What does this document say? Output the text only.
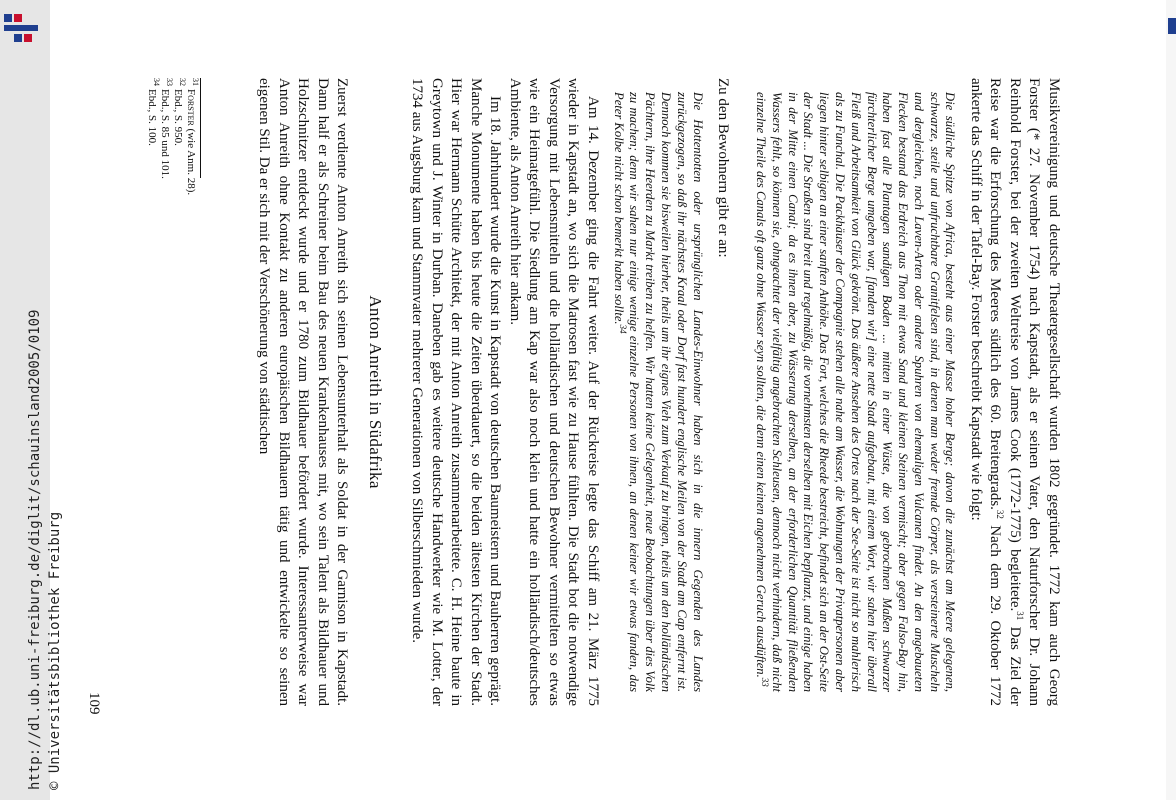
http://dl.ub.uni-freiburg.de/diglit/schauinsland2005/0109 © Universitätsbibliothek Freiburg	Musikvereinigung und deutsche Theatergesellschaft wurden 1802 gegründet. 1772 kam auch Georg Forster (* 27. November 1754) nach Kapstadt, als er seinen Vater, den Naturforscher Dr. Johann Reinhold Forster, bei der zweiten Weltreise von James Cook (1772-1775) begleitete.$^{31}$ Das Ziel der Reise war die Erforschung des Meeres südlich des 60. Breitengrads.$^{32}$ Nach dem 29. Oktober 1772 ankerte das Schiff in der Tafel-Bay. Forster beschreibt Kapstadt wie folgt:

Die südliche Spitze von Africa, besteht aus einer Masse hoher Berge; davon die zunächst am Meere gelegenen, schwarze, steile und unfruchtbare Granitfelsen sind, in denen man weder fremde Cörper, als versteinerte Muscheln und dergleichen, noch Laven-Arten oder andere Spuhren von ehemaligen Vulcanen findet. An den angebaueten Flecken bestand das Erdreich aus Thon mit etwas Sand und kleinen Steinen vermischt; aber gegen Falso-Bay hin, haben fast alle Plantagen sandigen Boden ... mitten in einer Wüste, die von gebrochnen Maßen schwarzer fürchterlicher Berge umgeben war, [fanden wir] eine nette Stadt aufgebaut, mit einem Wort, wir sahen hier überall Fleiß und Arbeitsamkeit von Glück gekrönt. Das äußere Ansehen des Ortes nach der See-Seite ist nicht so mahlerisch als zu Funchal. Die Packhäuser der Compagnie stehen alle nahe am Wasser, die Wohnungen der Privatpersonen aber liegen hinter selbigen an einer sanften Anhöhe. Das Fort, welches die Rheede bestreicht, befindet sich an der Ost-Seite der Stadt ... Die Straßen sind breit und regelmäßig, die vornehmsten derselben mit Eichen bepflanzt, und einige haben in der Mitte einen Canal; da es ihnen aber, zu Wässerung derselben, an der erforderlichen Quantität fließenden Wassers fehlt, so können sie, ohngeachtet der vielfältig angebrachten Schleusen, dennoch nicht verhindern, daß nicht einzelne Theile des Canals oft ganz ohne Wasser seyn sollten, die denn einen keinen angenehmen Geruch ausdüften.$^{33}$

Zu den Bewohnern gibt er an:

Die Hottentotten oder ursprünglichen Landes-Einwohner haben sich in die innern Gegenden des Landes zurückgezogen, so daß ihr nächstes Kraal oder Dorf fast hundert englische Meilen von der Stadt am Cap entfernt ist. Dennoch kommen sie bisweilen hierher, theils um ihr eignes Vieh zum Verkauf zu bringen, theils um den holländischen Pächtern, ihre Heerden zu Markt treiben zu helfen. Wir hatten keine Gelegenheit, neue Beobachtungen über dies Volk zu machen; denn wir sahen nur einige wenige einzelne Personen von ihnen, an denen keiner wir etwas fanden, das Peter Kolbe nicht schon bemerkt haben sollte.$^{34}$

Am 14. Dezember ging die Fahrt weiter. Auf der Rückreise legte das Schiff am 21. März 1775 wieder in Kapstadt an, wo sich die Matrosen fast wie zu Hause fühlten. Die Stadt bot die notwendige Versorgung mit Lebensmitteln und die holländischen und deutschen Bewohner vermittelten so etwas wie ein Heimatgefühl. Die Siedlung am Kap war also noch klein und hatte ein holländisch/deutsches Ambiente, als Anton Anreith hier ankam.

Im 18. Jahrhundert wurde die Kunst in Kapstadt von deutschen Baumeistern und Bauherren geprägt. Manche Monumente haben bis heute die Zeiten überdauert, so die beiden ältesten Kirchen der Stadt. Hier war Hermann Schütte Architekt, der mit Anton Anreith zusammenarbeitete. C. H. Heine baute in Greytown und J. Winter in Durban. Daneben gab es weitere deutsche Handwerker wie M. Lotter, der 1734 aus Augsburg kam und Stammvater mehrerer Generationen von Silberschmieden wurde.

Anton Anreith in Südafrika

Zuerst verdiente Anton Anreith sich seinen Lebensunterhalt als Soldat in der Garnison in Kapstadt. Dann half er als Schreiner beim Bau des neuen Krankenhauses mit, wo sein Talent als Bildhauer und Holzschnitzer entdeckt wurde und er 1780 zum Bildhauer befördert wurde. Interessanterweise war Anton Anreith ohne Kontakt zu anderen europäischen Bildhauern tätig und entwickelte so seinen eigenen Stil. Da er sich mit der Verschönerung von städtischen

109
$^{31}$Forster (wie Anm. 28).
$^{32}$Ebd., S. 950.
$^{33}$Ebd., S. 85 und 101.
$^{34}$Ebd., S. 100.
